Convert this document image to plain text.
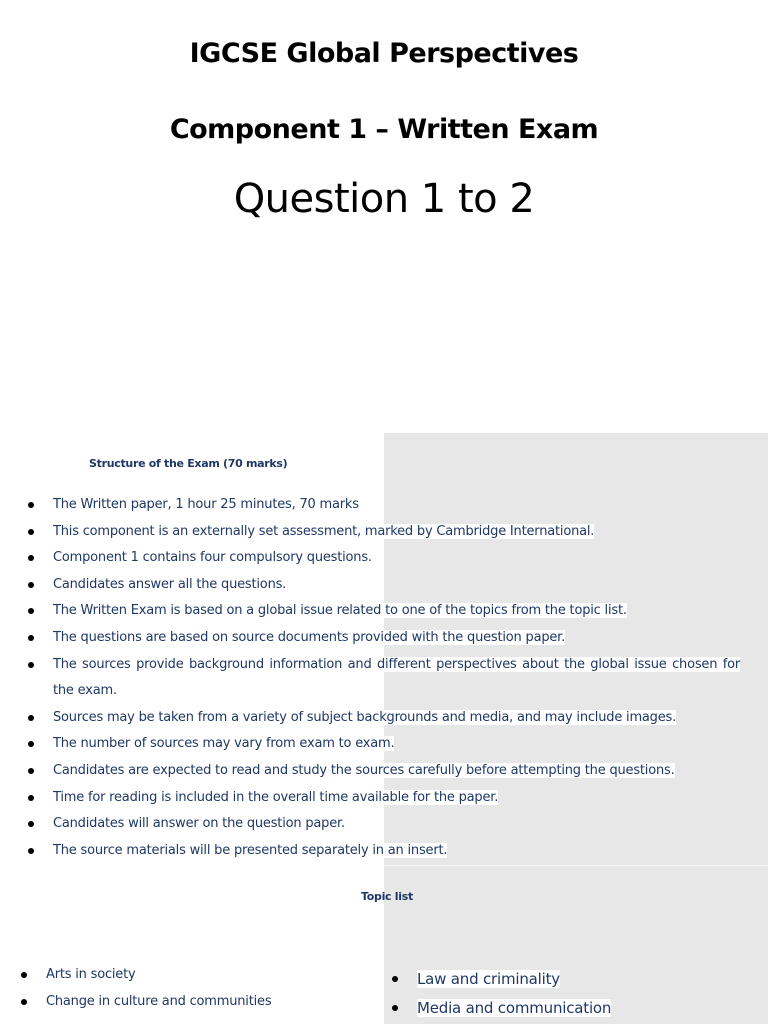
IGCSE Global Perspectives
Component 1 – Written Exam
Question 1 to 2
Structure of the Exam (70 marks)
The Written paper, 1 hour 25 minutes, 70 marks
This component is an externally set assessment, marked by Cambridge International.
Component 1 contains four compulsory questions.
Candidates answer all the questions.
The Written Exam is based on a global issue related to one of the topics from the topic list.
The questions are based on source documents provided with the question paper.
The sources provide background information and different perspectives about the global issue chosen for the exam.
Sources may be taken from a variety of subject backgrounds and media, and may include images.
The number of sources may vary from exam to exam.
Candidates are expected to read and study the sources carefully before attempting the questions.
Time for reading is included in the overall time available for the paper.
Candidates will answer on the question paper.
The source materials will be presented separately in an insert.
Topic list
Arts in society
Change in culture and communities
Law and criminality
Media and communication
